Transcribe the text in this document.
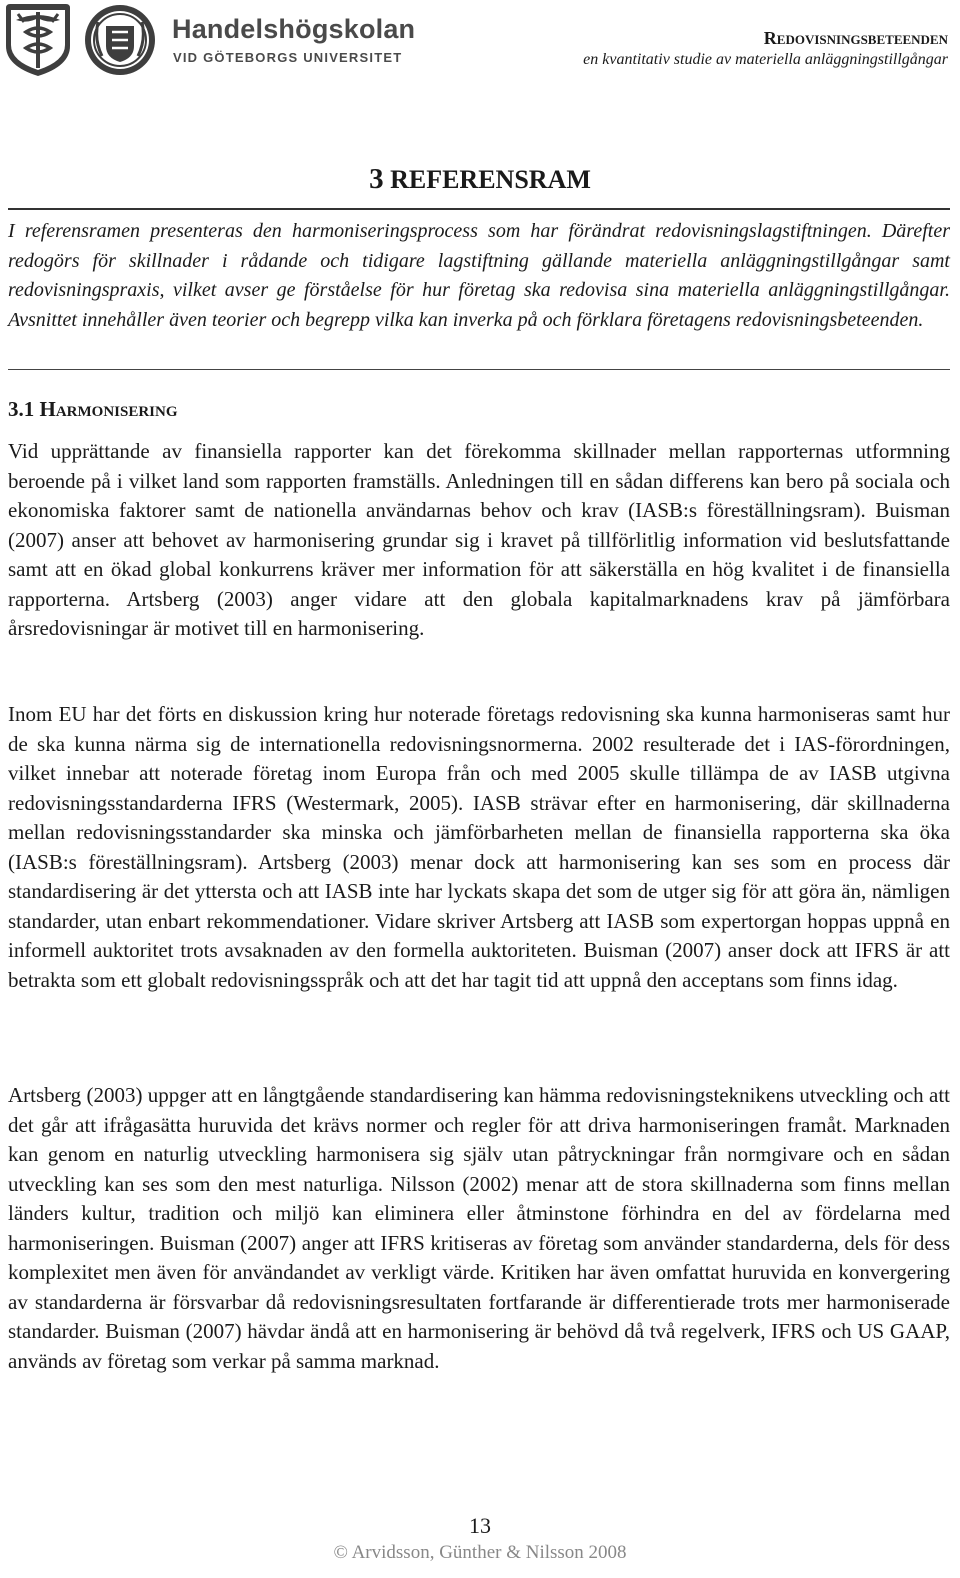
Handelshögskolan
VID GÖTEBORGS UNIVERSITET
Redovisningsbeteenden
en kvantitativ studie av materiella anläggningstillgångar
3 REFERENSRAM

I referensramen presenteras den harmoniseringsprocess som har förändrat redovisningslagstiftningen. Därefter redogörs för skillnader i rådande och tidigare lagstiftning gällande materiella anläggningstillgångar samt redovisningspraxis, vilket avser ge förståelse för hur företag ska redovisa sina materiella anläggningstillgångar. Avsnittet innehåller även teorier och begrepp vilka kan inverka på och förklara företagens redovisningsbeteenden.

3.1 Harmonisering

Vid upprättande av finansiella rapporter kan det förekomma skillnader mellan rapporternas utformning beroende på i vilket land som rapporten framställs. Anledningen till en sådan differens kan bero på sociala och ekonomiska faktorer samt de nationella användarnas behov och krav (IASB:s föreställningsram). Buisman (2007) anser att behovet av harmonisering grundar sig i kravet på tillförlitlig information vid beslutsfattande samt att en ökad global konkurrens kräver mer information för att säkerställa en hög kvalitet i de finansiella rapporterna. Artsberg (2003) anger vidare att den globala kapitalmarknadens krav på jämförbara årsredovisningar är motivet till en harmonisering.

Inom EU har det förts en diskussion kring hur noterade företags redovisning ska kunna harmoniseras samt hur de ska kunna närma sig de internationella redovisningsnormerna. 2002 resulterade det i IAS-förordningen, vilket innebar att noterade företag inom Europa från och med 2005 skulle tillämpa de av IASB utgivna redovisningsstandarderna IFRS (Westermark, 2005). IASB strävar efter en harmonisering, där skillnaderna mellan redovisningsstandarder ska minska och jämförbarheten mellan de finansiella rapporterna ska öka (IASB:s föreställningsram). Artsberg (2003) menar dock att harmonisering kan ses som en process där standardisering är det yttersta och att IASB inte har lyckats skapa det som de utger sig för att göra än, nämligen standarder, utan enbart rekommendationer. Vidare skriver Artsberg att IASB som expertorgan hoppas uppnå en informell auktoritet trots avsaknaden av den formella auktoriteten. Buisman (2007) anser dock att IFRS är att betrakta som ett globalt redovisningsspråk och att det har tagit tid att uppnå den acceptans som finns idag.

Artsberg (2003) uppger att en långtgående standardisering kan hämma redovisningsteknikens utveckling och att det går att ifrågasätta huruvida det krävs normer och regler för att driva harmoniseringen framåt. Marknaden kan genom en naturlig utveckling harmonisera sig själv utan påtryckningar från normgivare och en sådan utveckling kan ses som den mest naturliga. Nilsson (2002) menar att de stora skillnaderna som finns mellan länders kultur, tradition och miljö kan eliminera eller åtminstone förhindra en del av fördelarna med harmoniseringen. Buisman (2007) anger att IFRS kritiseras av företag som använder standarderna, dels för dess komplexitet men även för användandet av verkligt värde. Kritiken har även omfattat huruvida en konvergering av standarderna är försvarbar då redovisningsresultaten fortfarande är differentierade trots mer harmoniserade standarder. Buisman (2007) hävdar ändå att en harmonisering är behövd då två regelverk, IFRS och US GAAP, används av företag som verkar på samma marknad.

13
© Arvidsson, Günther & Nilsson 2008
